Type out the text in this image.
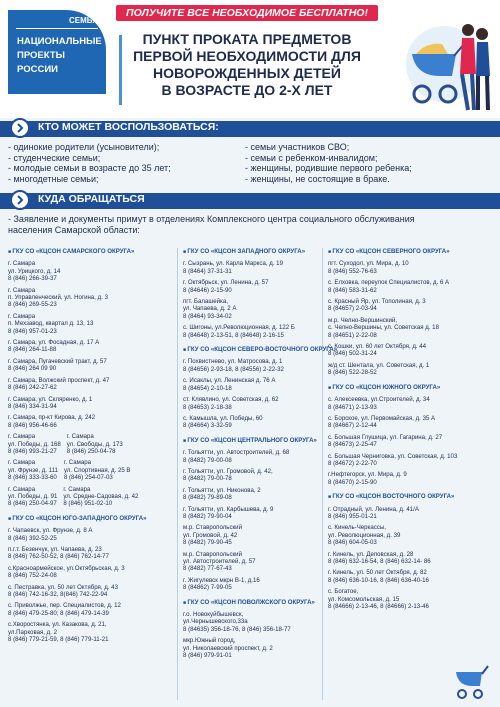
СЕМЬЯ
НАЦИОНАЛЬНЫЕ
ПРОЕКТЫ
РОССИИ
ПОЛУЧИТЕ ВСЕ НЕОБХОДИМОЕ БЕСПЛАТНО!
ПУНКТ ПРОКАТА ПРЕДМЕТОВ
ПЕРВОЙ НЕОБХОДИМОСТИ ДЛЯ
НОВОРОЖДЕННЫХ ДЕТЕЙ
В ВОЗРАСТЕ ДО 2-Х ЛЕТ
КТО МОЖЕТ ВОСПОЛЬЗОВАТЬСЯ:
- одинокие родители (усыновители);
- студенческие семьи;
- молодые семьи в возрасте до 35 лет;
- многодетные семьи;
- семьи участников СВО;
- семьи с ребенком-инвалидом;
- женщины, родившие первого ребенка;
- женщины, не состоящие в браке.
КУДА ОБРАЩАТЬСЯ
- Заявление и документы примут в отделениях Комплексного центра социального обслуживания
населения Самарской области:
■ ГКУ СО «КЦСОН САМАРСКОГО ОКРУГА»
г. Самара
ул. Урицкого, д. 14
8 (846) 266-39-37
г. Самара
п. Управленческий, ул. Ногина, д. 3
8 (846) 269-55-23
г. Самара
п. Мехзавод, квартал д. 13, 13
8 (846) 957-01-23
г. Самара, ул. Фосадная, д. 17 А
8 (846) 264-11-88
г. Самара, Пугачевский тракт, д. 57
8 (846) 264 09 90
г. Самара, Волжский проспект, д. 47
8 (846) 242-27-62
г. Самара, ул. Скляренко, д. 1
8 (846) 334-31-94
г. Самара, пр-кт Кирова, д. 242
8 (846) 956-46-66
г. Самара
ул. Победы, д. 168
8 (846) 993-21-27
г. Самара
ул. Свободы, д. 173
8 (846) 250-04-78
г. Самара
ул. Фрунзе, д. 111
8 (846) 333-33-60
г. Самара
ул. Спортивная, д. 25 В
8 (846) 254-07-03
г. Самара
ул. Победы, д. 91
8 (846) 250-04-97
г. Самара
ул. Средне-Садовая, д. 42
8 (846) 951-02-10
■ ГКУ СО «КЦСОН ЮГО-ЗАПАДНОГО ОКРУГА»
г. Чапаевск, ул. Фрунзе, д. 8 А
8 (846) 392-52-25
п.г.т. Безенчук, ул. Чапаева, д. 23
8 (846) 762-50-52, 8 (846) 762-14-77
с.Красноармейское, ул.Октябрьская, д. 3
8 (846) 752-24-08
с. Пестравка, ул. 50 лет Октября, д. 43
8 (846) 742-16-32, 8(846) 742-22-94
с. Приволжье, пер. Специалистов, д. 12
8 (846) 479-25-80; 8 (846) 479-14-39
с.Хворостянка, ул. Казакова, д. 21,
ул.Парковая, д. 2
8 (846) 779-21-59, 8 (846) 779-11-21
■ ГКУ СО «КЦСОН ЗАПАДНОГО ОКРУГА»
г. Сызрань, ул. Карла Маркса, д. 19
8 (8464) 37-31-31
г. Октябрьск, ул. Ленина, д. 57
8 (84646) 2-15-90
пгт. Балашейка,
ул. Чапаева, д. 2 А
8 (8464) 93-34-02
с. Шигоны, ул.Революционная, д. 122 Б
8 (84648) 2-13-51, 8 (84648) 2-16-15
■ ГКУ СО «КЦСОН СЕВЕРО-ВОСТОЧНОГО ОКРУГА»
г. Похвистнево, ул. Матросова, д. 1
8 (84656) 2-93-18, 8 (84556) 2-22-32
с. Исаклы, ул. Ленинская д. 76 А
8 (84654) 2-10-18
ст. Клявлино, ул. Советская, д. 62
8 (84653) 2-18-38
с. Камышла, ул. Победы, 60
8 (84664) 3-32-59
■ ГКУ СО «КЦСОН ЦЕНТРАЛЬНОГО ОКРУГА»
г. Тольятти, ул. Автостроителей, д. 68
8 (8482) 79-00-08
г. Тольятти, ул. Громовой, д. 42,
8 (8482) 79-00-78
г. Тольятти, ул. Никонова, 2
8 (8482) 79-89-08
г. Тольятти, ул. Карбышева, д. 9
8 (8482) 79-90-04
м.р. Ставропольский
ул. Громовой, д. 42
8 (8482) 79-90-45
м.р. Ставропольский
ул. Автостроителей, д. 57
8 (8482) 77-67-43
г. Жигулевск мкрн В-1, д.16
8 (84862) 7-99-05
■ ГКУ СО «КЦСОН ПОВОЛЖСКОГО ОКРУГА»
г.о. Новокуйбышевск,
ул.Чернышевского,33а
8 (84635) 356-18-76, 8 (846) 356-18-77
мкр.Южный город,
ул. Николаевский проспект, д. 2
8 (846) 979-91-01
■ ГКУ СО «КЦСОН СЕВЕРНОГО ОКРУГА»
пгт. Суходол, ул. Мира, д. 10
8 (846) 552-76-63
с. Елховка, переулок Специалистов, д. 6 А
8 (846) 583-31-62
с. Красный Яр, ул. Тополиная, д. 3
8 (84657) 2-03-94
м.р. Челно-Вершинский,
с. Челно-Вершины, ул. Советская д. 18
8 (84651) 2-22-08
с. Кошки, ул. 60 лет Октября, д. 44
8 (846) 502-31-24
ж/д ст. Шентала, ул. Советская, д. 1
8 (846) 522-28-52
■ ГКУ СО «КЦСОН ЮЖНОГО ОКРУГА»
с. Алексеевка, ул.Строителей, д. 34
8 (84671) 2-13-93
с. Борское, ул. Первомайская, д. 35 А
8 (84667) 2-12-44
с. Большая Глушица, ул. Гагарина, д. 27
8 (84673) 2-25-47
с. Большая Черниговка, ул. Советская, д. 103
8 (84672) 2-22-70
г.Нефтегорск, ул. Мира, д. 9
8 (84670) 2-15-90
■ ГКУ СО «КЦСОН ВОСТОЧНОГО ОКРУГА»
г. Отрадный, ул. Ленина, д. 41/А
8 (846) 955-01-21
с. Кинель-Черкассы,
ул. Революционная, д. 39
8 (846) 604-05-03
г. Кинель, ул. Деповская, д. 28
8 (846) 632-16-54, 8 (846) 632-14- 86
г. Кинель, ул. 50 лет Октября, д. 82
8 (846) 636-10-16, 8 (846) 636-40-16
с. Богатое,
ул. Комсомольская, д. 15
8 (84666) 2-13-46, 8 (84666) 2-13-46
